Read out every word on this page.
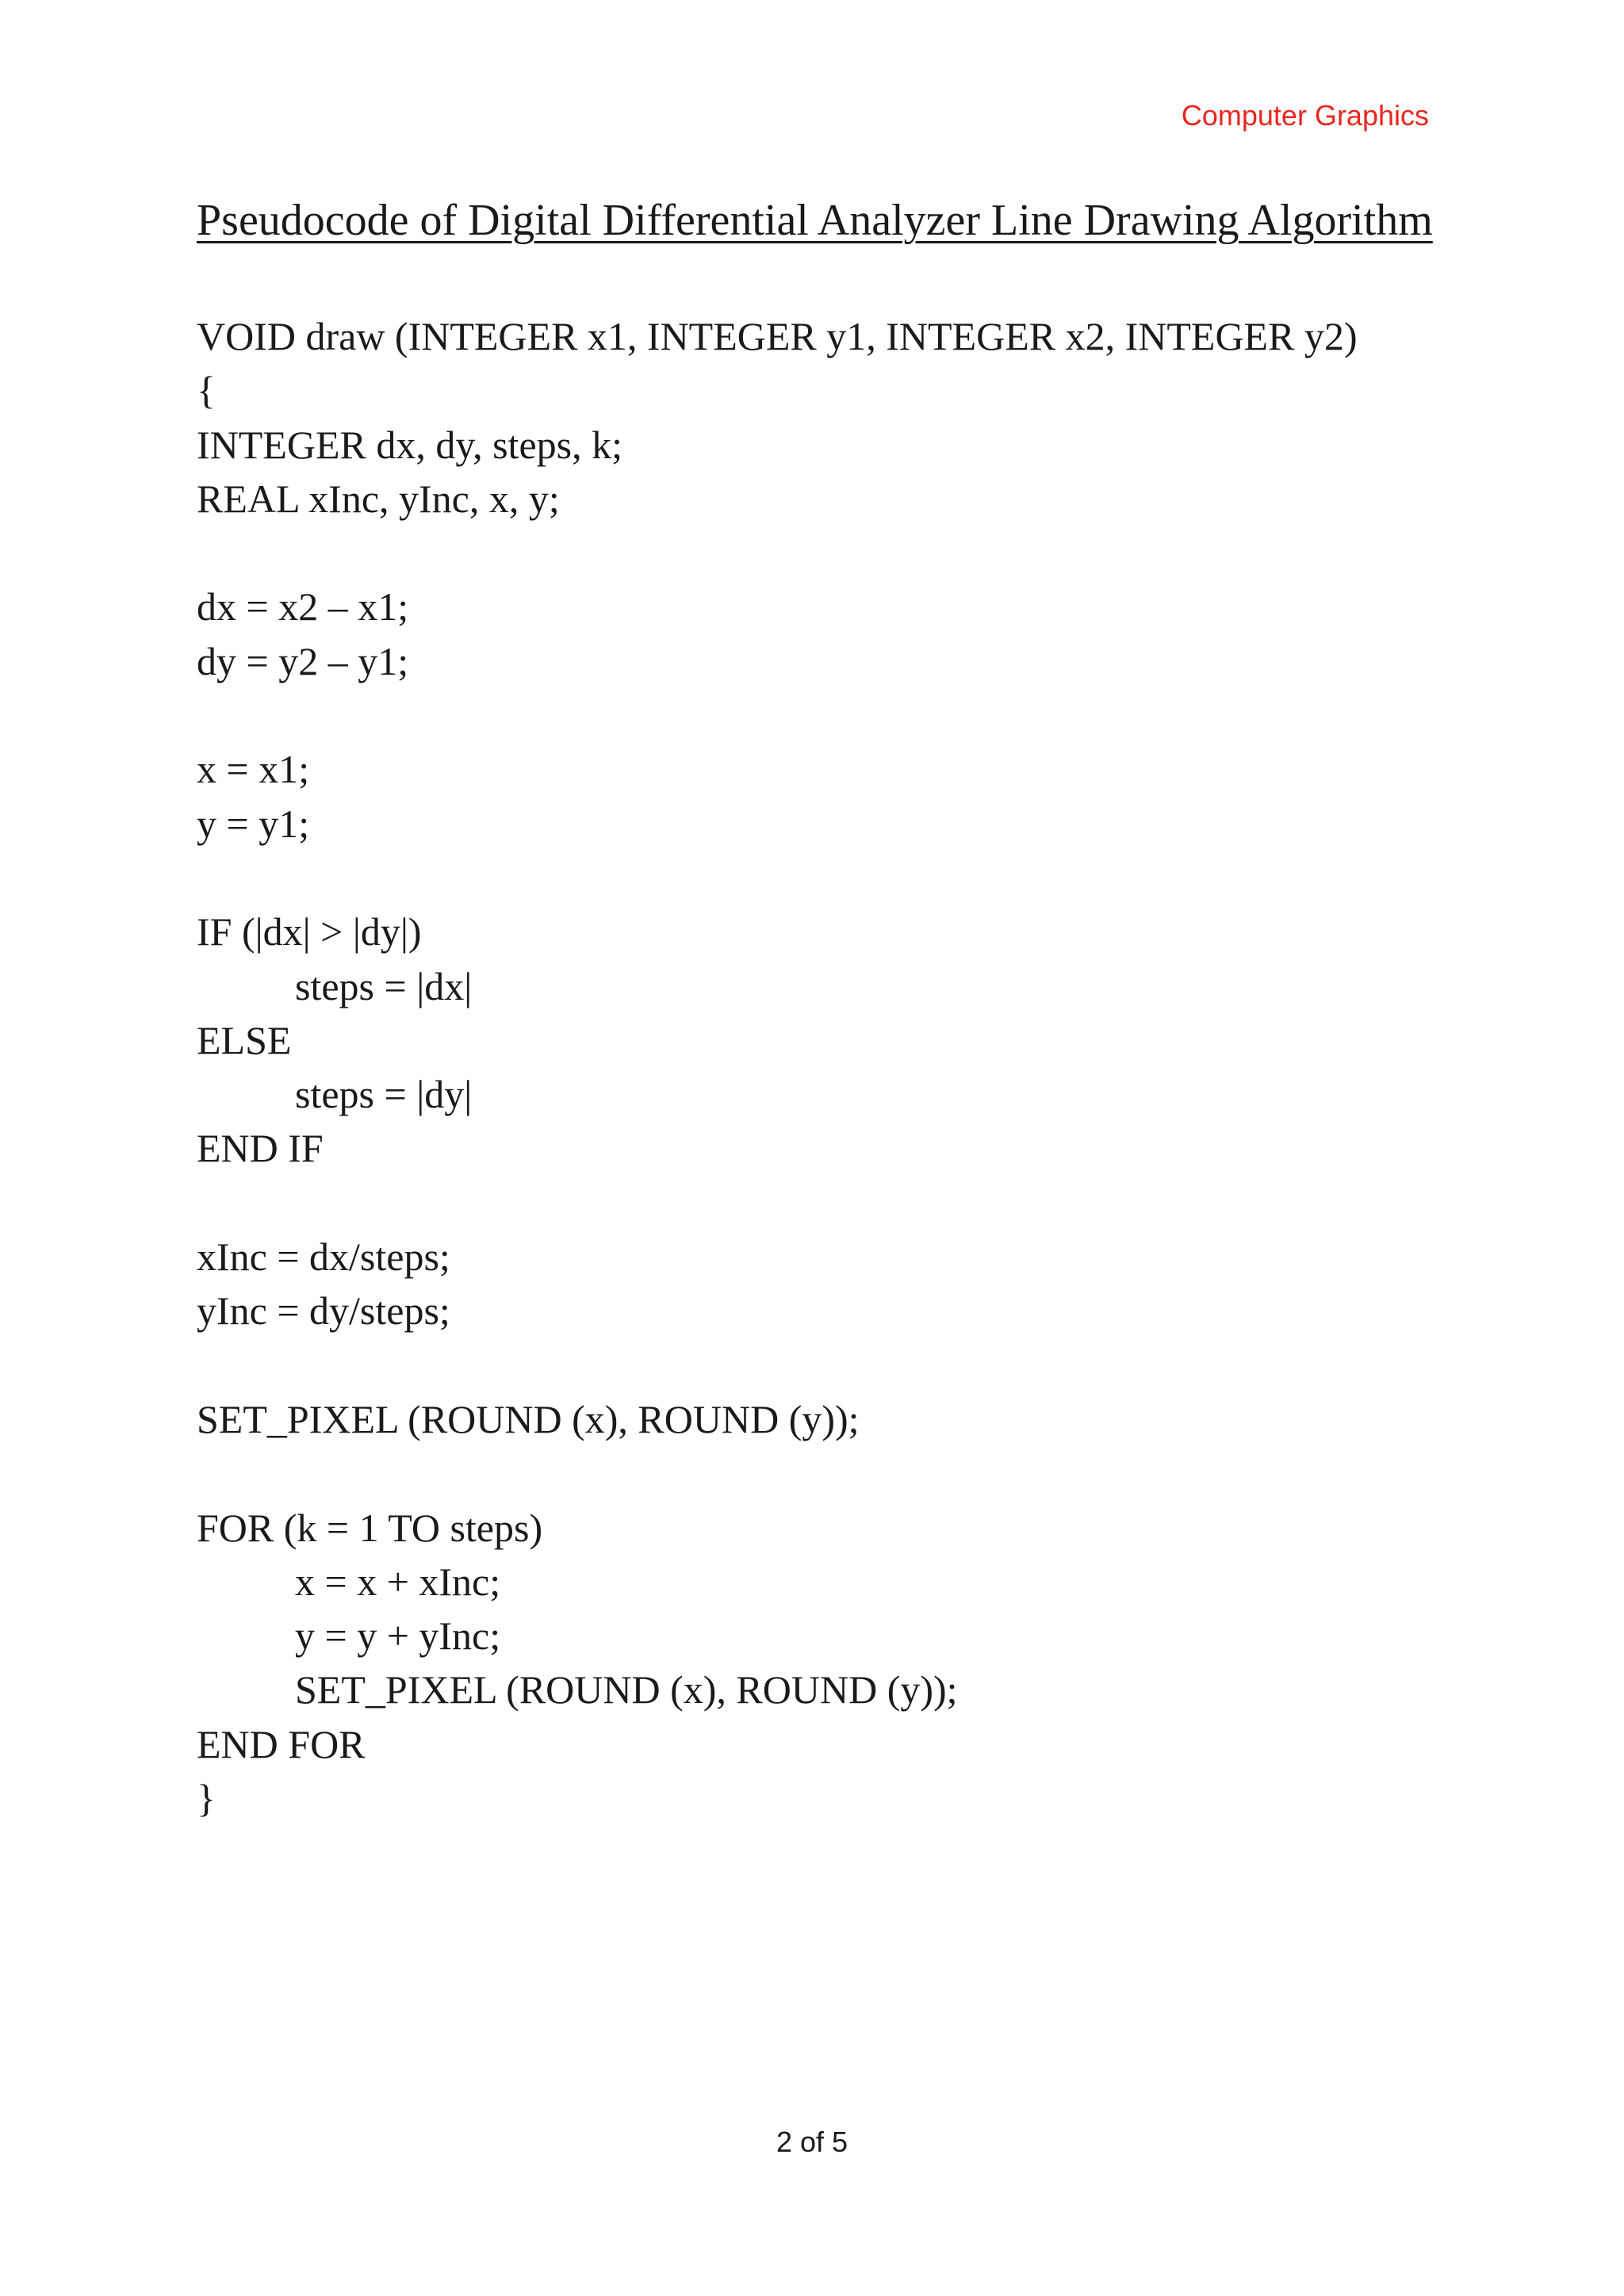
Computer Graphics
Pseudocode of Digital Differential Analyzer Line Drawing Algorithm
VOID draw (INTEGER x1, INTEGER y1, INTEGER x2, INTEGER y2)
{
INTEGER dx, dy, steps, k;
REAL xInc, yInc, x, y;
dx = x2 – x1;
dy = y2 – y1;
x = x1;
y = y1;
IF (|dx| > |dy|)
steps = |dx|
ELSE
steps = |dy|
END IF
xInc = dx/steps;
yInc = dy/steps;
SET_PIXEL (ROUND (x), ROUND (y));
FOR (k = 1 TO steps)
x = x + xInc;
y = y + yInc;
SET_PIXEL (ROUND (x), ROUND (y));
END FOR
}
2 of 5
